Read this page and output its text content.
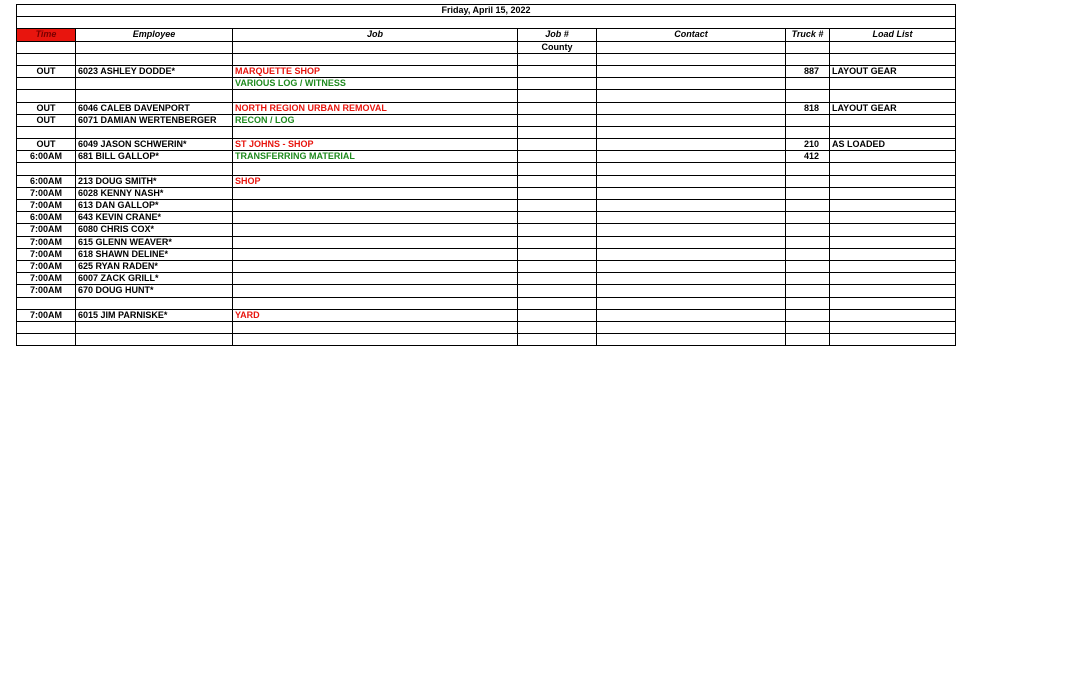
Friday, April 15, 2022						

Time	Employee	Job	Job #	Contact	Truck #	Load List
			County			

OUT	6023 ASHLEY DODDE*	MARQUETTE SHOP			887	LAYOUT GEAR
		VARIOUS LOG / WITNESS				

OUT	6046 CALEB DAVENPORT	NORTH REGION URBAN REMOVAL			818	LAYOUT GEAR
OUT	6071 DAMIAN WERTENBERGER	RECON / LOG				

OUT	6049 JASON SCHWERIN*	ST JOHNS - SHOP			210	AS LOADED
6:00AM	681 BILL GALLOP*	TRANSFERRING MATERIAL			412	

6:00AM	213 DOUG SMITH*	SHOP				
7:00AM	6028 KENNY NASH*					
7:00AM	613 DAN GALLOP*					
6:00AM	643 KEVIN CRANE*					
7:00AM	6080 CHRIS COX*					
7:00AM	615 GLENN WEAVER*					
7:00AM	618 SHAWN DELINE*					
7:00AM	625 RYAN RADEN*					
7:00AM	6007 ZACK GRILL*					
7:00AM	670 DOUG HUNT*					

7:00AM	6015 JIM PARNISKE*	YARD				
